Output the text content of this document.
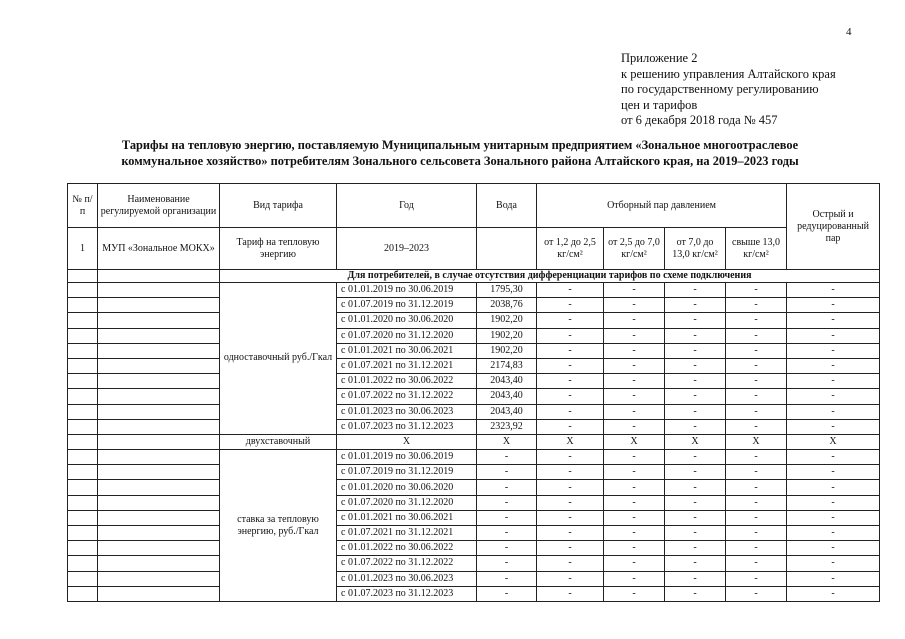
4
Приложение 2
к решению управления Алтайского края
по государственному регулированию
цен и тарифов
от 6 декабря 2018 года № 457
Тарифы на тепловую энергию, поставляемую Муниципальным унитарным предприятием «Зональное многоотраслевое
коммунальное хозяйство» потребителям Зонального сельсовета Зонального района Алтайского края, на 2019–2023 годы
№ п/п	Наименование регулируемой организации	Вид тарифа	Год	Вода	Отборный пар давлением				Острый и редуцированный пар
1	МУП «Зональное МОКХ»	Тариф на тепловую энергию	2019–2023		от 1,2 до 2,5 кг/см²	от 2,5 до 7,0 кг/см²	от 7,0 до 13,0 кг/см²	свыше 13,0 кг/см²	
		Для потребителей, в случае отсутствия дифференциации тарифов по схеме подключения							
		одноставочный руб./Гкал	с 01.01.2019 по 30.06.2019	1795,30	-	-	-	-	-
			с 01.07.2019 по 31.12.2019	2038,76	-	-	-	-	-
			с 01.01.2020 по 30.06.2020	1902,20	-	-	-	-	-
			с 01.07.2020 по 31.12.2020	1902,20	-	-	-	-	-
			с 01.01.2021 по 30.06.2021	1902,20	-	-	-	-	-
			с 01.07.2021 по 31.12.2021	2174,83	-	-	-	-	-
			с 01.01.2022 по 30.06.2022	2043,40	-	-	-	-	-
			с 01.07.2022 по 31.12.2022	2043,40	-	-	-	-	-
			с 01.01.2023 по 30.06.2023	2043,40	-	-	-	-	-
			с 01.07.2023 по 31.12.2023	2323,92	-	-	-	-	-
		двухставочный	X	X	X	X	X	X	X
		ставка за тепловую энергию, руб./Гкал	с 01.01.2019 по 30.06.2019	-	-	-	-	-	-
			с 01.07.2019 по 31.12.2019	-	-	-	-	-	-
			с 01.01.2020 по 30.06.2020	-	-	-	-	-	-
			с 01.07.2020 по 31.12.2020	-	-	-	-	-	-
			с 01.01.2021 по 30.06.2021	-	-	-	-	-	-
			с 01.07.2021 по 31.12.2021	-	-	-	-	-	-
			с 01.01.2022 по 30.06.2022	-	-	-	-	-	-
			с 01.07.2022 по 31.12.2022	-	-	-	-	-	-
			с 01.01.2023 по 30.06.2023	-	-	-	-	-	-
			с 01.07.2023 по 31.12.2023	-	-	-	-	-	-
